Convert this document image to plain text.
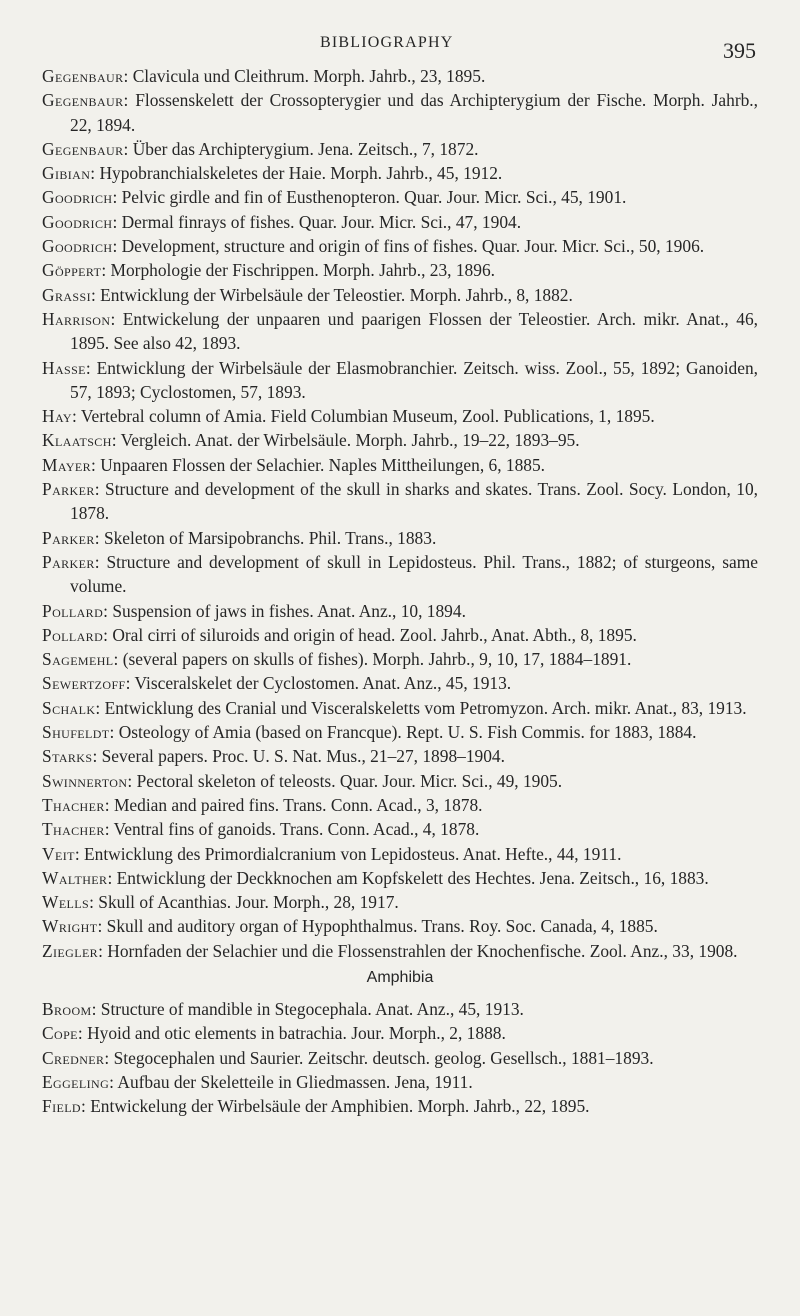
BIBLIOGRAPHY	395
Gegenbaur: Clavicula und Cleithrum. Morph. Jahrb., 23, 1895.
Gegenbaur: Flossenskelett der Crossopterygier und das Archipterygium der Fische. Morph. Jahrb., 22, 1894.
Gegenbaur: Über das Archipterygium. Jena. Zeitsch., 7, 1872.
Gibian: Hypobranchialskeletes der Haie. Morph. Jahrb., 45, 1912.
Goodrich: Pelvic girdle and fin of Eusthenopteron. Quar. Jour. Micr. Sci., 45, 1901.
Goodrich: Dermal finrays of fishes. Quar. Jour. Micr. Sci., 47, 1904.
Goodrich: Development, structure and origin of fins of fishes. Quar. Jour. Micr. Sci., 50, 1906.
Göppert: Morphologie der Fischrippen. Morph. Jahrb., 23, 1896.
Grassi: Entwicklung der Wirbelsäule der Teleostier. Morph. Jahrb., 8, 1882.
Harrison: Entwickelung der unpaaren und paarigen Flossen der Teleostier. Arch. mikr. Anat., 46, 1895. See also 42, 1893.
Hasse: Entwicklung der Wirbelsäule der Elasmobranchier. Zeitsch. wiss. Zool., 55, 1892; Ganoiden, 57, 1893; Cyclostomen, 57, 1893.
Hay: Vertebral column of Amia. Field Columbian Museum, Zool. Publications, 1, 1895.
Klaatsch: Vergleich. Anat. der Wirbelsäule. Morph. Jahrb., 19–22, 1893–95.
Mayer: Unpaaren Flossen der Selachier. Naples Mittheilungen, 6, 1885.
Parker: Structure and development of the skull in sharks and skates. Trans. Zool. Socy. London, 10, 1878.
Parker: Skeleton of Marsipobranchs. Phil. Trans., 1883.
Parker: Structure and development of skull in Lepidosteus. Phil. Trans., 1882; of sturgeons, same volume.
Pollard: Suspension of jaws in fishes. Anat. Anz., 10, 1894.
Pollard: Oral cirri of siluroids and origin of head. Zool. Jahrb., Anat. Abth., 8, 1895.
Sagemehl: (several papers on skulls of fishes). Morph. Jahrb., 9, 10, 17, 1884–1891.
Sewertzoff: Visceralskelet der Cyclostomen. Anat. Anz., 45, 1913.
Schalk: Entwicklung des Cranial und Visceralskeletts vom Petromyzon. Arch. mikr. Anat., 83, 1913.
Shufeldt: Osteology of Amia (based on Francque). Rept. U. S. Fish Commis. for 1883, 1884.
Starks: Several papers. Proc. U. S. Nat. Mus., 21–27, 1898–1904.
Swinnerton: Pectoral skeleton of teleosts. Quar. Jour. Micr. Sci., 49, 1905.
Thacher: Median and paired fins. Trans. Conn. Acad., 3, 1878.
Thacher: Ventral fins of ganoids. Trans. Conn. Acad., 4, 1878.
Veit: Entwicklung des Primordialcranium von Lepidosteus. Anat. Hefte., 44, 1911.
Walther: Entwicklung der Deckknochen am Kopfskelett des Hechtes. Jena. Zeitsch., 16, 1883.
Wells: Skull of Acanthias. Jour. Morph., 28, 1917.
Wright: Skull and auditory organ of Hypophthalmus. Trans. Roy. Soc. Canada, 4, 1885.
Ziegler: Hornfaden der Selachier und die Flossenstrahlen der Knochenfische. Zool. Anz., 33, 1908.
Amphibia
Broom: Structure of mandible in Stegocephala. Anat. Anz., 45, 1913.
Cope: Hyoid and otic elements in batrachia. Jour. Morph., 2, 1888.
Credner: Stegocephalen und Saurier. Zeitschr. deutsch. geolog. Gesellsch., 1881–1893.
Eggeling: Aufbau der Skeletteile in Gliedmassen. Jena, 1911.
Field: Entwickelung der Wirbelsäule der Amphibien. Morph. Jahrb., 22, 1895.
